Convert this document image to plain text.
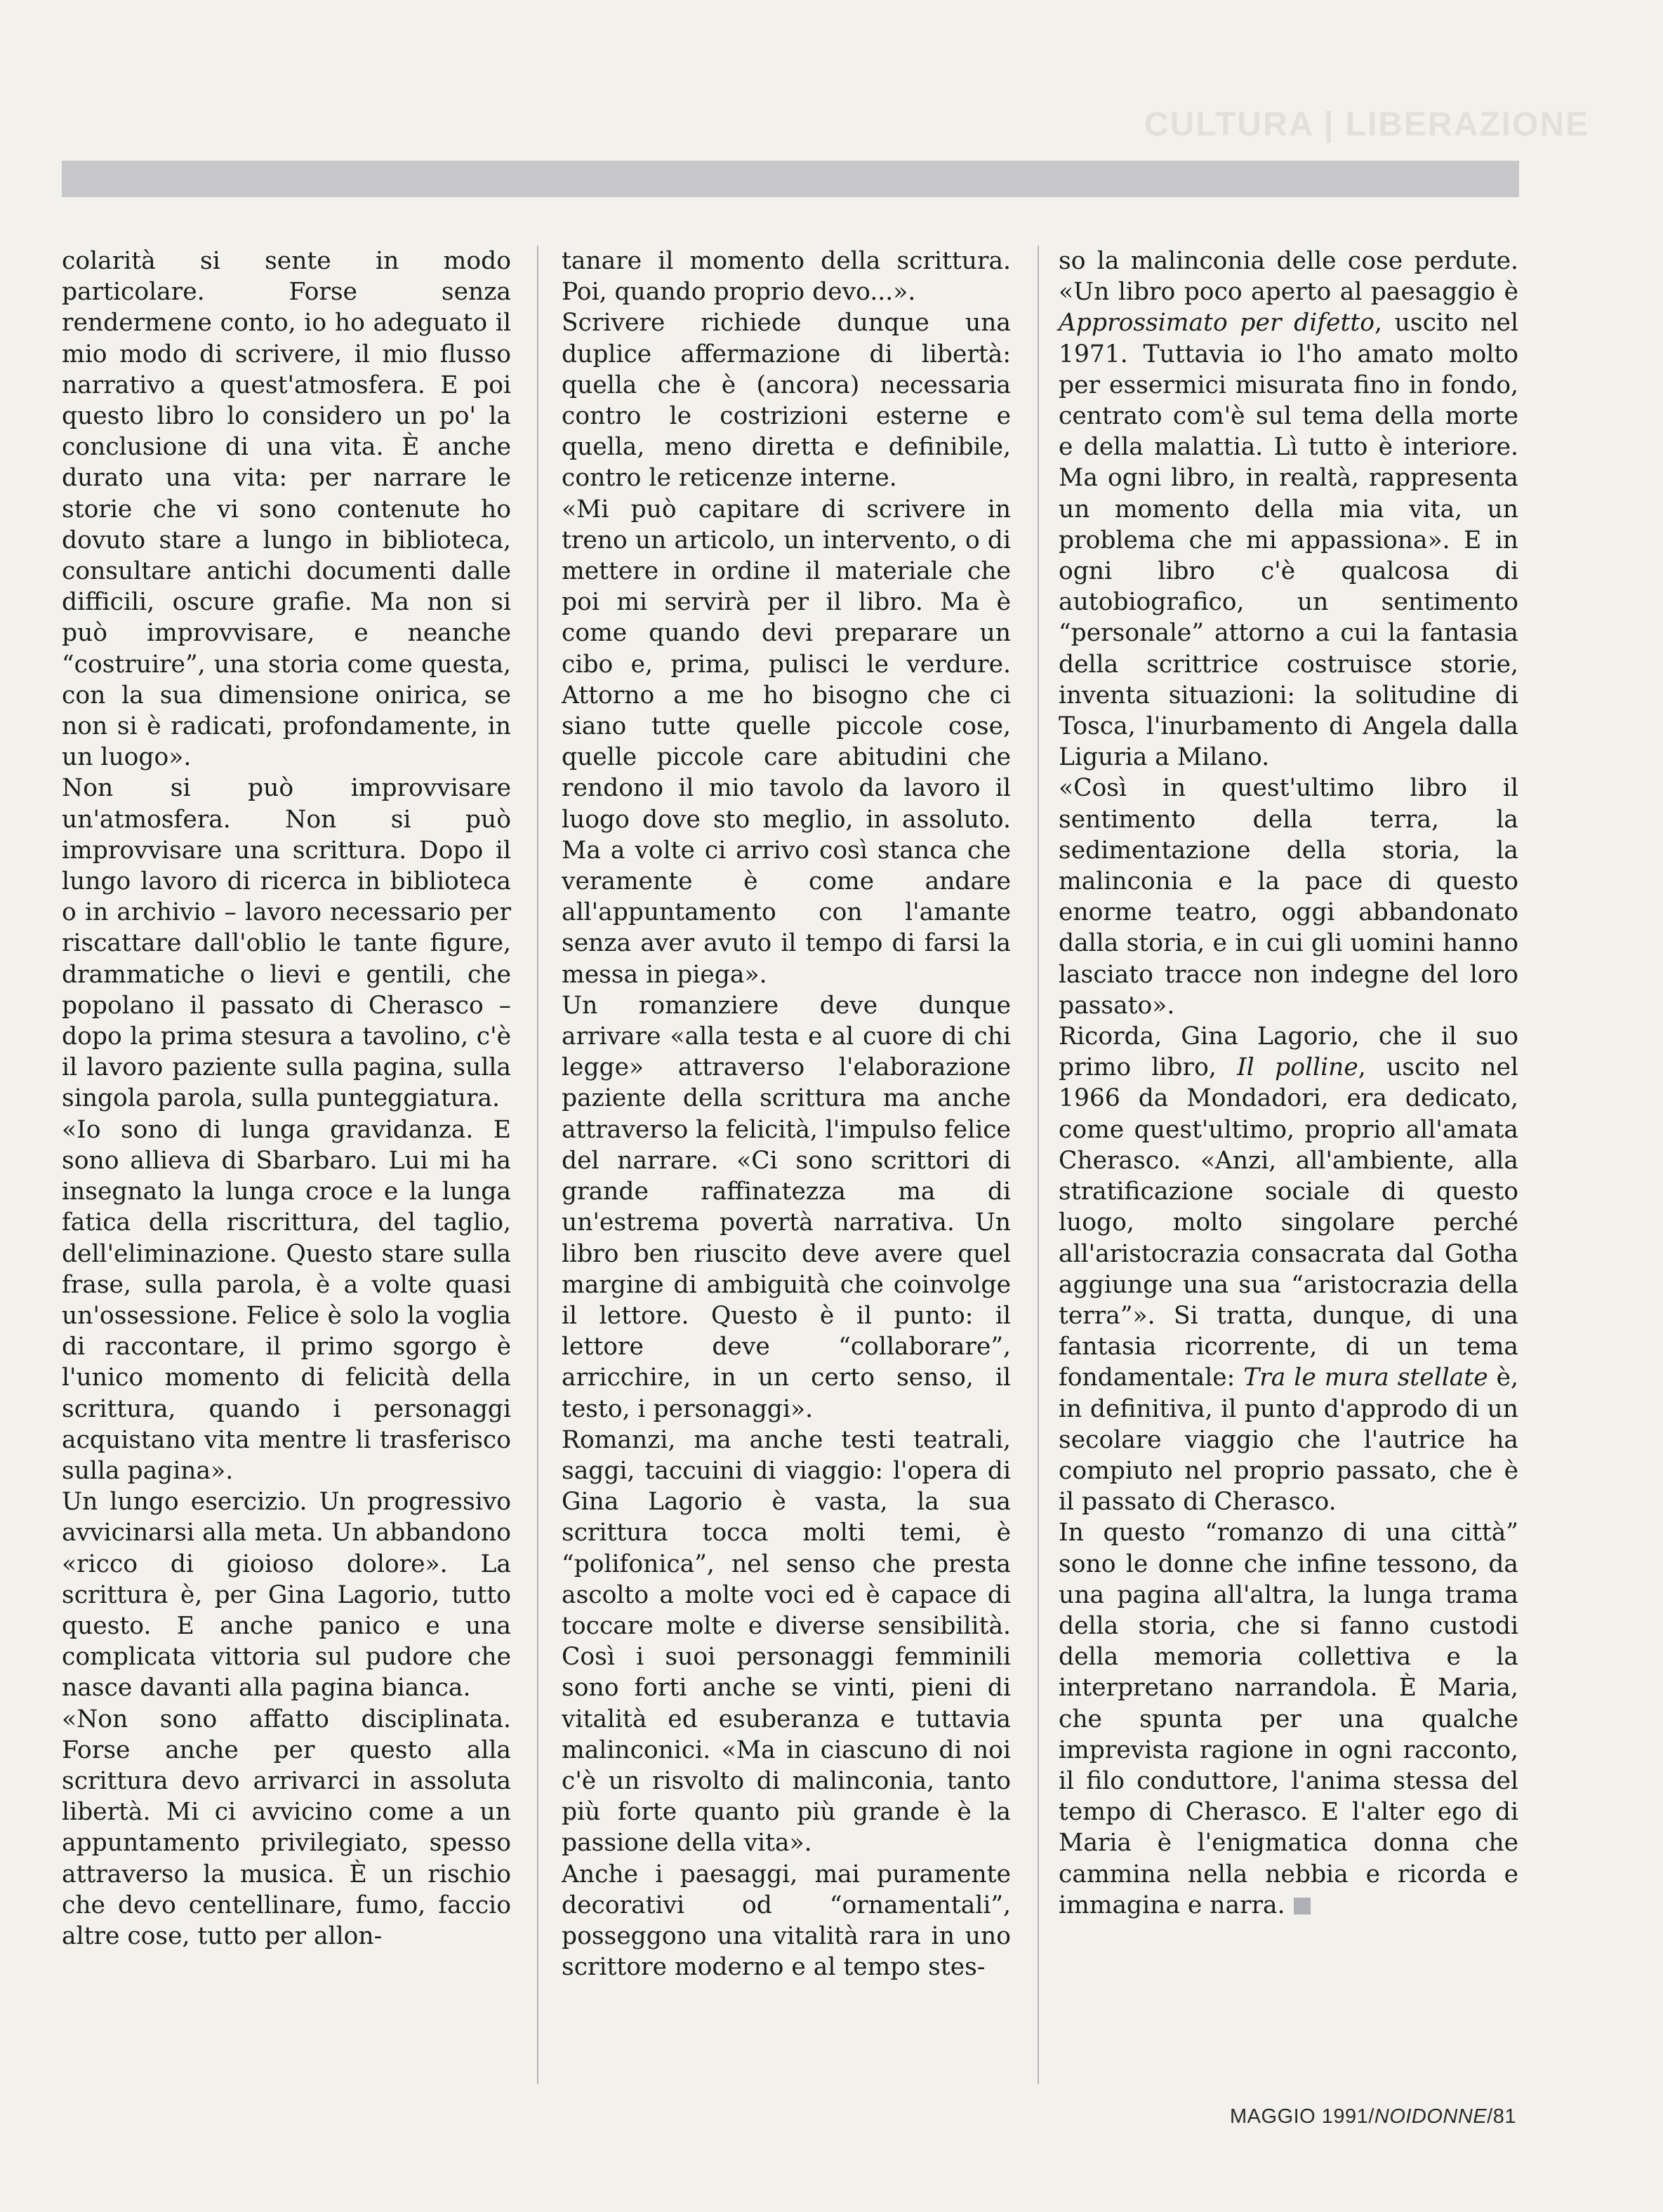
CULTURA | LIBERAZIONE

colarità si sente in modo particolare. Forse senza rendermene conto, io ho adeguato il mio modo di scrivere, il mio flusso narrativo a quest'atmosfera. E poi questo libro lo considero un po' la conclusione di una vita. È anche durato una vita: per narrare le storie che vi sono contenute ho dovuto stare a lungo in biblioteca, consultare antichi documenti dalle difficili, oscure grafie. Ma non si può improvvisare, e neanche “costruire”, una storia come questa, con la sua dimensione onirica, se non si è radicati, profondamente, in un luogo».

Non si può improvvisare un'atmosfera. Non si può improvvisare una scrittura. Dopo il lungo lavoro di ricerca in biblioteca o in archivio – lavoro necessario per riscattare dall'oblio le tante figure, drammatiche o lievi e gentili, che popolano il passato di Cherasco – dopo la prima stesura a tavolino, c'è il lavoro paziente sulla pagina, sulla singola parola, sulla punteggiatura.

«Io sono di lunga gravidanza. E sono allieva di Sbarbaro. Lui mi ha insegnato la lunga croce e la lunga fatica della riscrittura, del taglio, dell'eliminazione. Questo stare sulla frase, sulla parola, è a volte quasi un'ossessione. Felice è solo la voglia di raccontare, il primo sgorgo è l'unico momento di felicità della scrittura, quando i personaggi acquistano vita mentre li trasferisco sulla pagina».

Un lungo esercizio. Un progressivo avvicinarsi alla meta. Un abbandono «ricco di gioioso dolore». La scrittura è, per Gina Lagorio, tutto questo. E anche panico e una complicata vittoria sul pudore che nasce davanti alla pagina bianca.

«Non sono affatto disciplinata. Forse anche per questo alla scrittura devo arrivarci in assoluta libertà. Mi ci avvicino come a un appuntamento privilegiato, spesso attraverso la musica. È un rischio che devo centellinare, fumo, faccio altre cose, tutto per allon-

tanare il momento della scrittura. Poi, quando proprio devo...».

Scrivere richiede dunque una duplice affermazione di libertà: quella che è (ancora) necessaria contro le costrizioni esterne e quella, meno diretta e definibile, contro le reticenze interne.

«Mi può capitare di scrivere in treno un articolo, un intervento, o di mettere in ordine il materiale che poi mi servirà per il libro. Ma è come quando devi preparare un cibo e, prima, pulisci le verdure. Attorno a me ho bisogno che ci siano tutte quelle piccole cose, quelle piccole care abitudini che rendono il mio tavolo da lavoro il luogo dove sto meglio, in assoluto. Ma a volte ci arrivo così stanca che veramente è come andare all'appuntamento con l'amante senza aver avuto il tempo di farsi la messa in piega».

Un romanziere deve dunque arrivare «alla testa e al cuore di chi legge» attraverso l'elaborazione paziente della scrittura ma anche attraverso la felicità, l'impulso felice del narrare. «Ci sono scrittori di grande raffinatezza ma di un'estrema povertà narrativa. Un libro ben riuscito deve avere quel margine di ambiguità che coinvolge il lettore. Questo è il punto: il lettore deve “collaborare”, arricchire, in un certo senso, il testo, i personaggi».

Romanzi, ma anche testi teatrali, saggi, taccuini di viaggio: l'opera di Gina Lagorio è vasta, la sua scrittura tocca molti temi, è “polifonica”, nel senso che presta ascolto a molte voci ed è capace di toccare molte e diverse sensibilità. Così i suoi personaggi femminili sono forti anche se vinti, pieni di vitalità ed esuberanza e tuttavia malinconici. «Ma in ciascuno di noi c'è un risvolto di malinconia, tanto più forte quanto più grande è la passione della vita».

Anche i paesaggi, mai puramente decorativi od “ornamentali”, posseggono una vitalità rara in uno scrittore moderno e al tempo stes-

so la malinconia delle cose perdute. «Un libro poco aperto al paesaggio è Approssimato per difetto, uscito nel 1971. Tuttavia io l'ho amato molto per essermici misurata fino in fondo, centrato com'è sul tema della morte e della malattia. Lì tutto è interiore. Ma ogni libro, in realtà, rappresenta un momento della mia vita, un problema che mi appassiona». E in ogni libro c'è qualcosa di autobiografico, un sentimento “personale” attorno a cui la fantasia della scrittrice costruisce storie, inventa situazioni: la solitudine di Tosca, l'inurbamento di Angela dalla Liguria a Milano.

«Così in quest'ultimo libro il sentimento della terra, la sedimentazione della storia, la malinconia e la pace di questo enorme teatro, oggi abbandonato dalla storia, e in cui gli uomini hanno lasciato tracce non indegne del loro passato».

Ricorda, Gina Lagorio, che il suo primo libro, Il polline, uscito nel 1966 da Mondadori, era dedicato, come quest'ultimo, proprio all'amata Cherasco. «Anzi, all'ambiente, alla stratificazione sociale di questo luogo, molto singolare perché all'aristocrazia consacrata dal Gotha aggiunge una sua “aristocrazia della terra”». Si tratta, dunque, di una fantasia ricorrente, di un tema fondamentale: Tra le mura stellate è, in definitiva, il punto d'approdo di un secolare viaggio che l'autrice ha compiuto nel proprio passato, che è il passato di Cherasco.

In questo “romanzo di una città” sono le donne che infine tessono, da una pagina all'altra, la lunga trama della storia, che si fanno custodi della memoria collettiva e la interpretano narrandola. È Maria, che spunta per una qualche imprevista ragione in ogni racconto, il filo conduttore, l'anima stessa del tempo di Cherasco. E l'alter ego di Maria è l'enigmatica donna che cammina nella nebbia e ricorda e immagina e narra.

MAGGIO 1991/NOIDONNE/81
